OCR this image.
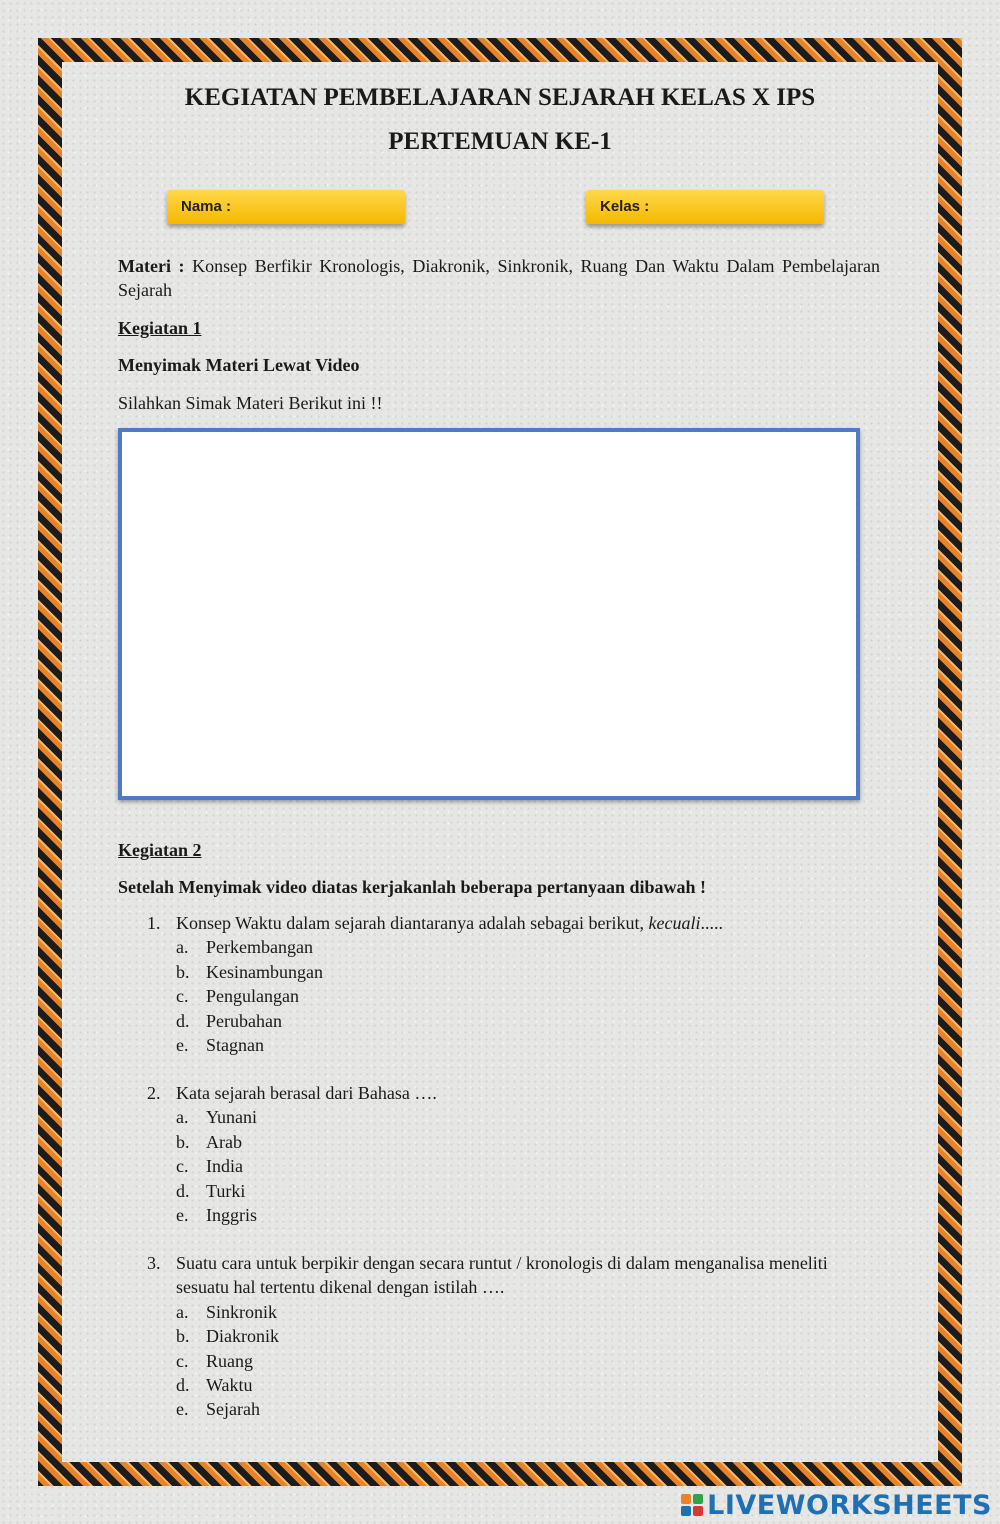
KEGIATAN PEMBELAJARAN SEJARAH KELAS X IPS
PERTEMUAN KE-1
Nama :	Kelas :
Materi : Konsep Berfikir Kronologis, Diakronik, Sinkronik, Ruang Dan Waktu Dalam Pembelajaran Sejarah
Kegiatan 1
Menyimak Materi Lewat Video
Silahkan Simak Materi Berikut ini !!
Kegiatan 2
Setelah Menyimak video diatas kerjakanlah beberapa pertanyaan dibawah !
1. Konsep Waktu dalam sejarah diantaranya adalah sebagai berikut, kecuali.....
a. Perkembangan
b. Kesinambungan
c. Pengulangan
d. Perubahan
e. Stagnan
2. Kata sejarah berasal dari Bahasa ….
a. Yunani
b. Arab
c. India
d. Turki
e. Inggris
3. Suatu cara untuk berpikir dengan secara runtut / kronologis di dalam menganalisa meneliti sesuatu hal tertentu dikenal dengan istilah ….
a. Sinkronik
b. Diakronik
c. Ruang
d. Waktu
e. Sejarah
LIVEWORKSHEETS
